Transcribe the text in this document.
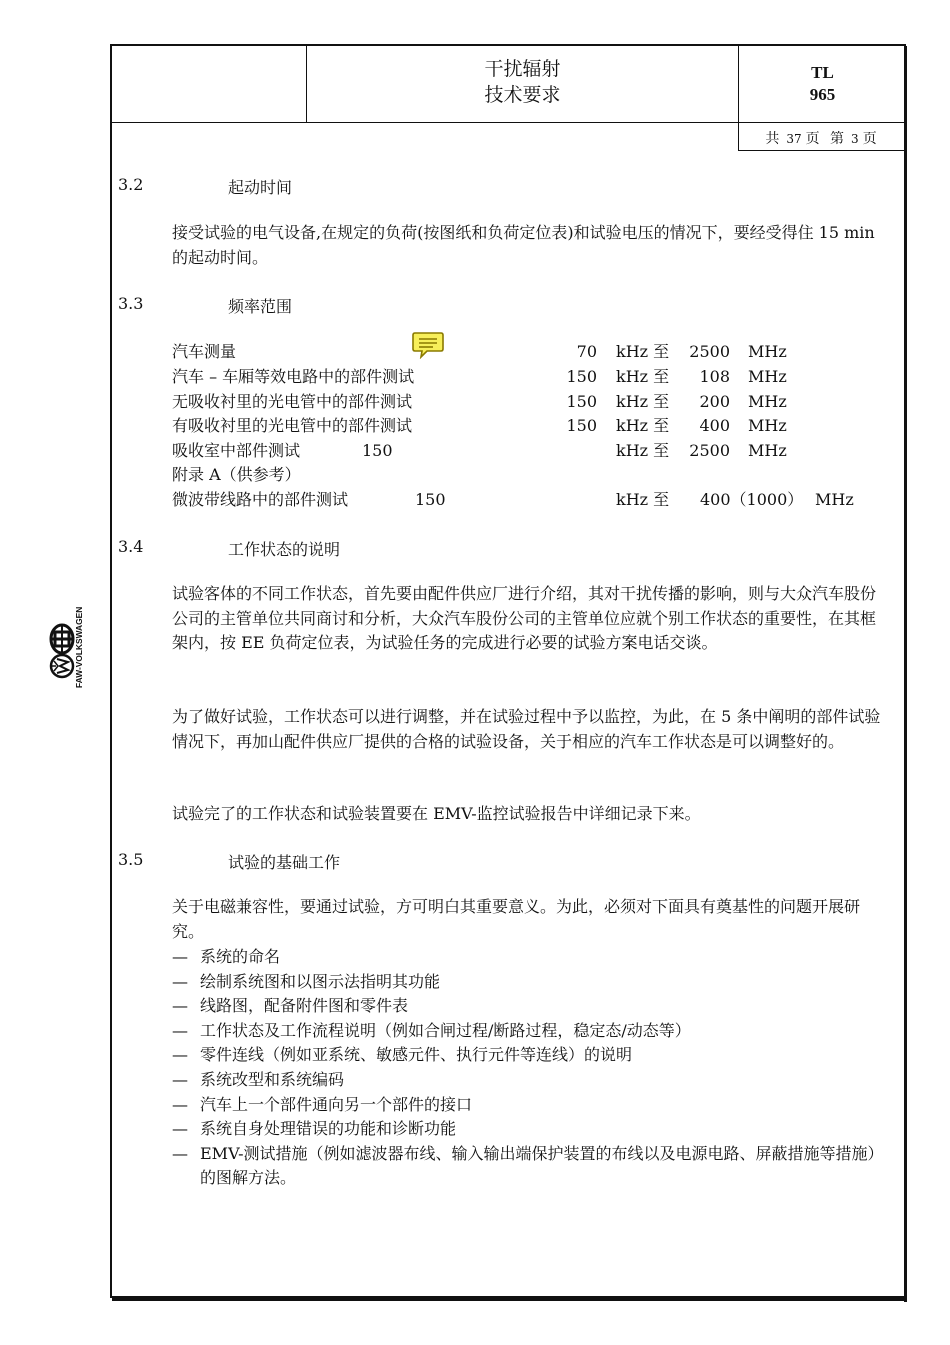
干扰辐射
技术要求
TL
965
共 37 页 第 3 页
3.2	起动时间

接受试验的电气设备,在规定的负荷(按图纸和负荷定位表)和试验电压的情况下，要经受得住 15 min 的起动时间。

3.3	频率范围
汽车测量	70 kHz 至 2500 MHz
汽车 – 车厢等效电路中的部件测试	150 kHz 至 108 MHz
无吸收衬里的光电管中的部件测试	150 kHz 至 200 MHz
有吸收衬里的光电管中的部件测试	150 kHz 至 400 MHz
吸收室中部件测试	150	kHz 至 2500 MHz
附录 A（供参考）
微波带线路中的部件测试	150	kHz 至 400（1000） MHz
3.4	工作状态的说明

试验客体的不同工作状态，首先要由配件供应厂进行介绍，其对干扰传播的影响，则与大众汽车股份公司的主管单位共同商讨和分析，大众汽车股份公司的主管单位应就个别工作状态的重要性，在其框架内，按 EE 负荷定位表，为试验任务的完成进行必要的试验方案电话交谈。

为了做好试验，工作状态可以进行调整，并在试验过程中予以监控，为此，在 5 条中阐明的部件试验情况下，再加山配件供应厂提供的合格的试验设备，关于相应的汽车工作状态是可以调整好的。

试验完了的工作状态和试验装置要在 EMV-监控试验报告中详细记录下来。

3.5	试验的基础工作

关于电磁兼容性，要通过试验，方可明白其重要意义。为此，必须对下面具有奠基性的问题开展研究。

— 系统的命名
— 绘制系统图和以图示法指明其功能
— 线路图，配备附件图和零件表
— 工作状态及工作流程说明（例如合闸过程/断路过程，稳定态/动态等）
— 零件连线（例如亚系统、敏感元件、执行元件等连线）的说明
— 系统改型和系统编码
— 汽车上一个部件通向另一个部件的接口
— 系统自身处理错误的功能和诊断功能
— EMV-测试措施（例如滤波器布线、输入输出端保护装置的布线以及电源电路、屏蔽措施等措施）的图解方法。
FAW-VOLKSWAGEN
